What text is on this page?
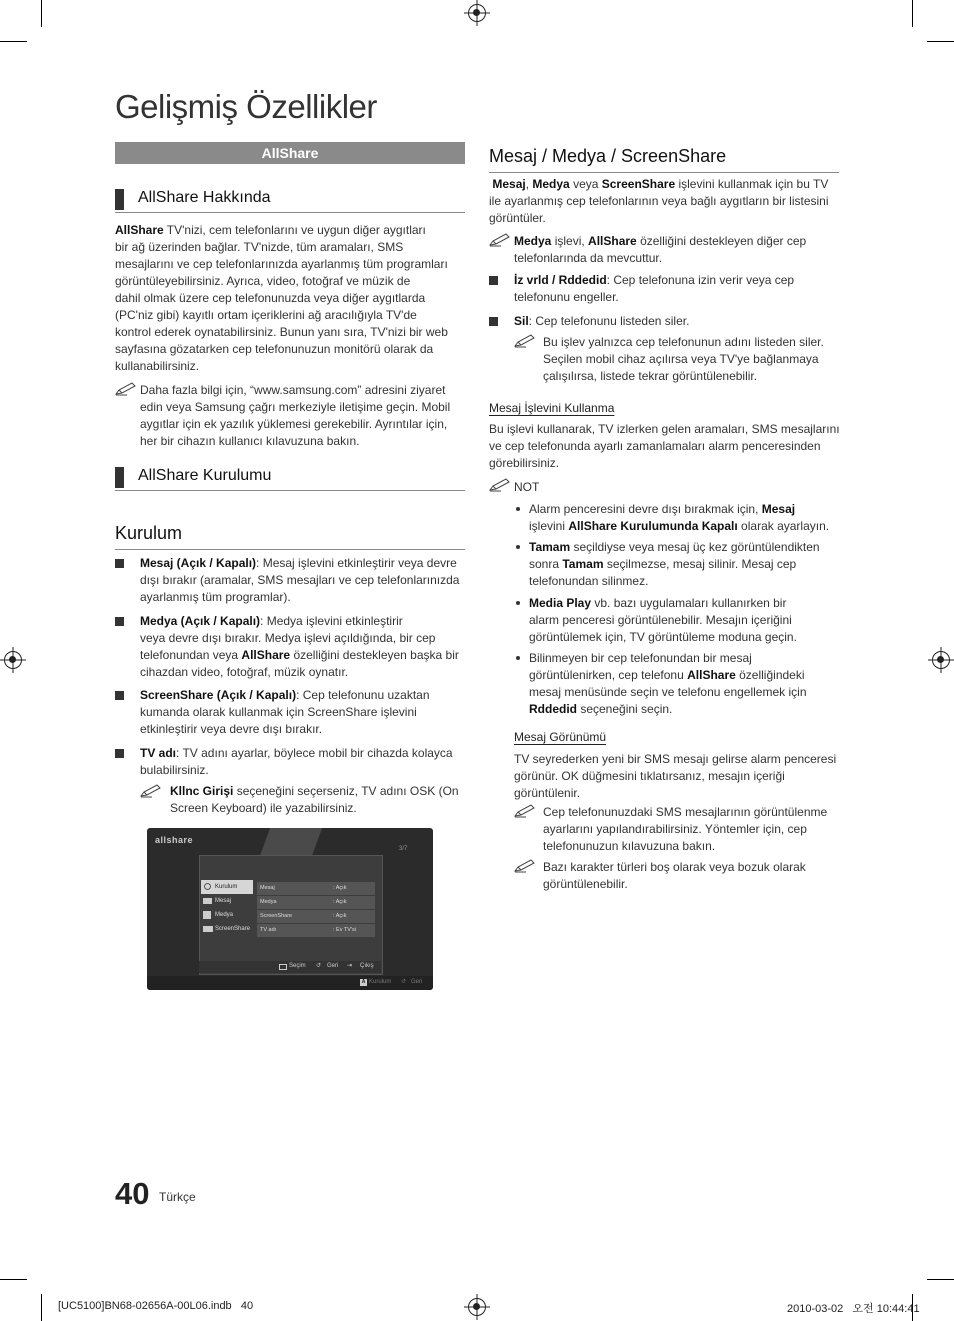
Gelişmiş Özellikler
AllShare
AllShare Hakkında
AllShare TV'nizi, cem telefonlarını ve uygun diğer aygıtları
bir ağ üzerinden bağlar. TV'nizde, tüm aramaları, SMS
mesajlarını ve cep telefonlarınızda ayarlanmış tüm programları
görüntüleyebilirsiniz. Ayrıca, video, fotoğraf ve müzik de
dahil olmak üzere cep telefonunuzda veya diğer aygıtlarda
(PC'niz gibi) kayıtlı ortam içeriklerini ağ aracılığıyla TV'de
kontrol ederek oynatabilirsiniz. Bunun yanı sıra, TV'nizi bir web
sayfasına gözatarken cep telefonunuzun monitörü olarak da
kullanabilirsiniz.
Daha fazla bilgi için, “www.samsung.com” adresini ziyaret
edin veya Samsung çağrı merkeziyle iletişime geçin. Mobil
aygıtlar için ek yazılık yüklemesi gerekebilir. Ayrıntılar için,
her bir cihazın kullanıcı kılavuzuna bakın.
AllShare Kurulumu
Kurulum
Mesaj (Açık / Kapalı): Mesaj işlevini etkinleştirir veya devre
dışı bırakır (aramalar, SMS mesajları ve cep telefonlarınızda
ayarlanmış tüm programlar).
Medya (Açık / Kapalı): Medya işlevini etkinleştirir
veya devre dışı bırakır. Medya işlevi açıldığında, bir cep
telefonundan veya AllShare özelliğini destekleyen başka bir
cihazdan video, fotoğraf, müzik oynatır.
ScreenShare (Açık / Kapalı): Cep telefonunu uzaktan
kumanda olarak kullanmak için ScreenShare işlevini
etkinleştirir veya devre dışı bırakır.
TV adı: TV adını ayarlar, böylece mobil bir cihazda kolayca
bulabilirsiniz.
Kllnc Girişi seçeneğini seçerseniz, TV adını OSK (On
Screen Keyboard) ile yazabilirsiniz.
allshare
3/7
Kurulum
Mesaj
Medya
ScreenShare
Mesaj	: Açık
Medya	: Açık
ScreenShare	: Açık
TV adı	: Ev TV'si
Seçim ↺ Geri ⇥ Çıkış
A Kurulum ↺ Geri
Mesaj / Medya / ScreenShare
Mesaj, Medya veya ScreenShare işlevini kullanmak için bu TV
ile ayarlanmış cep telefonlarının veya bağlı aygıtların bir listesini
görüntüler.
Medya işlevi, AllShare özelliğini destekleyen diğer cep
telefonlarında da mevcuttur.
İz vrld / Rddedid: Cep telefonuna izin verir veya cep
telefonunu engeller.
Sil: Cep telefonunu listeden siler.
Bu işlev yalnızca cep telefonunun adını listeden siler.
Seçilen mobil cihaz açılırsa veya TV'ye bağlanmaya
çalışılırsa, listede tekrar görüntülenebilir.
Mesaj İşlevini Kullanma
Bu işlevi kullanarak, TV izlerken gelen aramaları, SMS mesajlarını
ve cep telefonunda ayarlı zamanlamaları alarm penceresinden
görebilirsiniz.
NOT
Alarm penceresini devre dışı bırakmak için, Mesaj
işlevini AllShare Kurulumunda Kapalı olarak ayarlayın.
Tamam seçildiyse veya mesaj üç kez görüntülendikten
sonra Tamam seçilmezse, mesaj silinir. Mesaj cep
telefonundan silinmez.
Media Play vb. bazı uygulamaları kullanırken bir
alarm penceresi görüntülenebilir. Mesajın içeriğini
görüntülemek için, TV görüntüleme moduna geçin.
Bilinmeyen bir cep telefonundan bir mesaj
görüntülenirken, cep telefonu AllShare özelliğindeki
mesaj menüsünde seçin ve telefonu engellemek için
Rddedid seçeneğini seçin.
Mesaj Görünümü
TV seyrederken yeni bir SMS mesajı gelirse alarm penceresi
görünür. OK düğmesini tıklatırsanız, mesajın içeriği
görüntülenir.
Cep telefonunuzdaki SMS mesajlarının görüntülenme
ayarlarını yapılandırabilirsiniz. Yöntemler için, cep
telefonunuzun kılavuzuna bakın.
Bazı karakter türleri boş olarak veya bozuk olarak
görüntülenebilir.
40 Türkçe
[UC5100]BN68-02656A-00L06.indb   40	2010-03-02   오전 10:44:41
